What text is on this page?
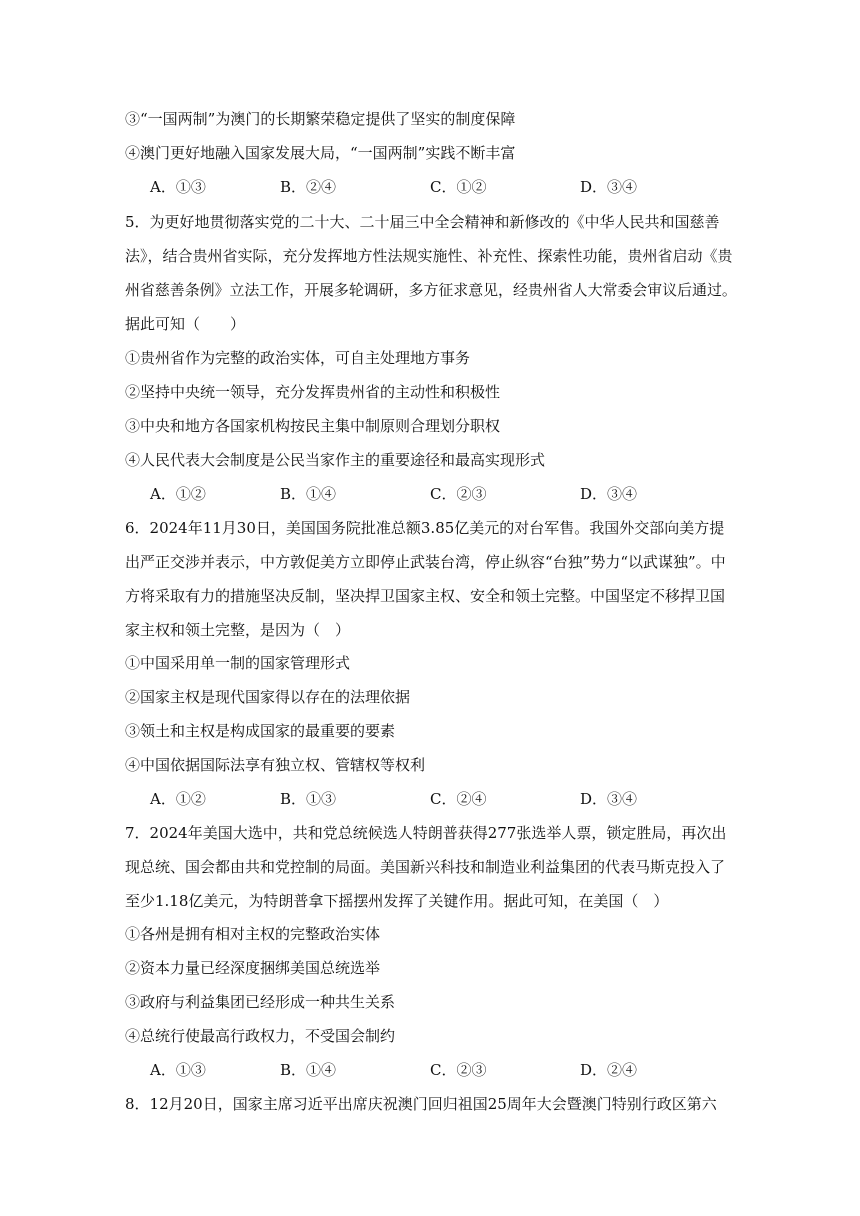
③“一国两制”为澳门的长期繁荣稳定提供了坚实的制度保障
④澳门更好地融入国家发展大局，“一国两制”实践不断丰富
A．①③	B．②④	C．①②	D．③④
5．为更好地贯彻落实党的二十大、二十届三中全会精神和新修改的《中华人民共和国慈善
法》，结合贵州省实际，充分发挥地方性法规实施性、补充性、探索性功能，贵州省启动《贵
州省慈善条例》立法工作，开展多轮调研，多方征求意见，经贵州省人大常委会审议后通过。
据此可知（　　）
①贵州省作为完整的政治实体，可自主处理地方事务
②坚持中央统一领导，充分发挥贵州省的主动性和积极性
③中央和地方各国家机构按民主集中制原则合理划分职权
④人民代表大会制度是公民当家作主的重要途径和最高实现形式
A．①②	B．①④	C．②③	D．③④
6．2024年11月30日，美国国务院批准总额3.85亿美元的对台军售。我国外交部向美方提
出严正交涉并表示，中方敦促美方立即停止武装台湾，停止纵容“台独”势力“以武谋独”。中
方将采取有力的措施坚决反制，坚决捍卫国家主权、安全和领土完整。中国坚定不移捍卫国
家主权和领土完整，是因为（　）
①中国采用单一制的国家管理形式
②国家主权是现代国家得以存在的法理依据
③领土和主权是构成国家的最重要的要素
④中国依据国际法享有独立权、管辖权等权利
A．①②	B．①③	C．②④	D．③④
7．2024年美国大选中，共和党总统候选人特朗普获得277张选举人票，锁定胜局，再次出
现总统、国会都由共和党控制的局面。美国新兴科技和制造业利益集团的代表马斯克投入了
至少1.18亿美元，为特朗普拿下摇摆州发挥了关键作用。据此可知，在美国（　）
①各州是拥有相对主权的完整政治实体
②资本力量已经深度捆绑美国总统选举
③政府与利益集团已经形成一种共生关系
④总统行使最高行政权力，不受国会制约
A．①③	B．①④	C．②③	D．②④
8．12月20日，国家主席习近平出席庆祝澳门回归祖国25周年大会暨澳门特别行政区第六
